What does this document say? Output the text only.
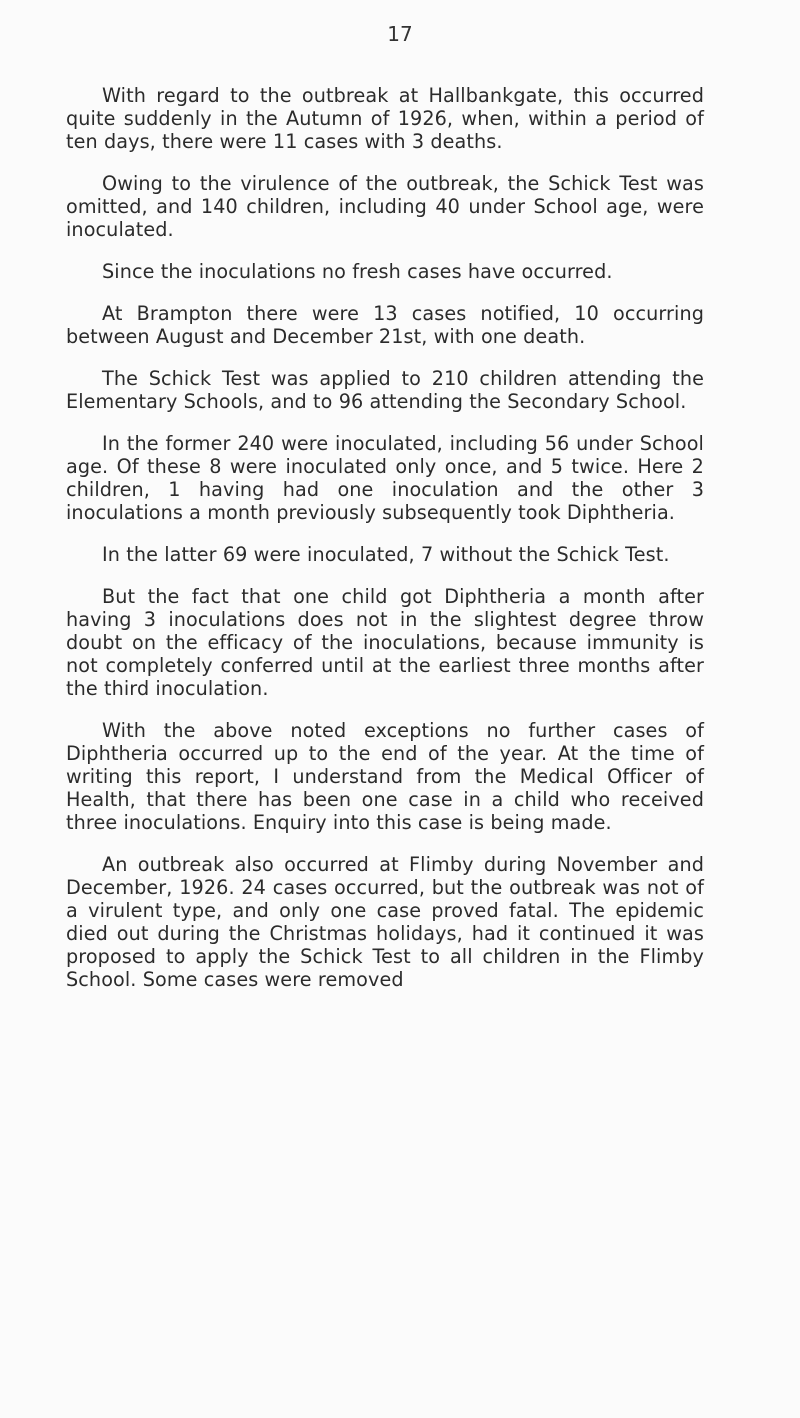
17

With regard to the outbreak at Hallbankgate, this occurred quite suddenly in the Autumn of 1926, when, within a period of ten days, there were 11 cases with 3 deaths.

Owing to the virulence of the outbreak, the Schick Test was omitted, and 140 children, including 40 under School age, were inoculated.

Since the inoculations no fresh cases have occurred.

At Brampton there were 13 cases notified, 10 occurring between August and December 21st, with one death.

The Schick Test was applied to 210 children attending the Elementary Schools, and to 96 attending the Secondary School.

In the former 240 were inoculated, including 56 under School age. Of these 8 were inoculated only once, and 5 twice. Here 2 children, 1 having had one inoculation and the other 3 inoculations a month previously subsequently took Diphtheria.

In the latter 69 were inoculated, 7 without the Schick Test.

But the fact that one child got Diphtheria a month after having 3 inoculations does not in the slightest degree throw doubt on the efficacy of the inoculations, because immunity is not completely conferred until at the earliest three months after the third inoculation.

With the above noted exceptions no further cases of Diphtheria occurred up to the end of the year. At the time of writing this report, I understand from the Medical Officer of Health, that there has been one case in a child who received three inoculations. Enquiry into this case is being made.

An outbreak also occurred at Flimby during November and December, 1926. 24 cases occurred, but the outbreak was not of a virulent type, and only one case proved fatal. The epidemic died out during the Christmas holidays, had it continued it was proposed to apply the Schick Test to all children in the Flimby School. Some cases were removed
